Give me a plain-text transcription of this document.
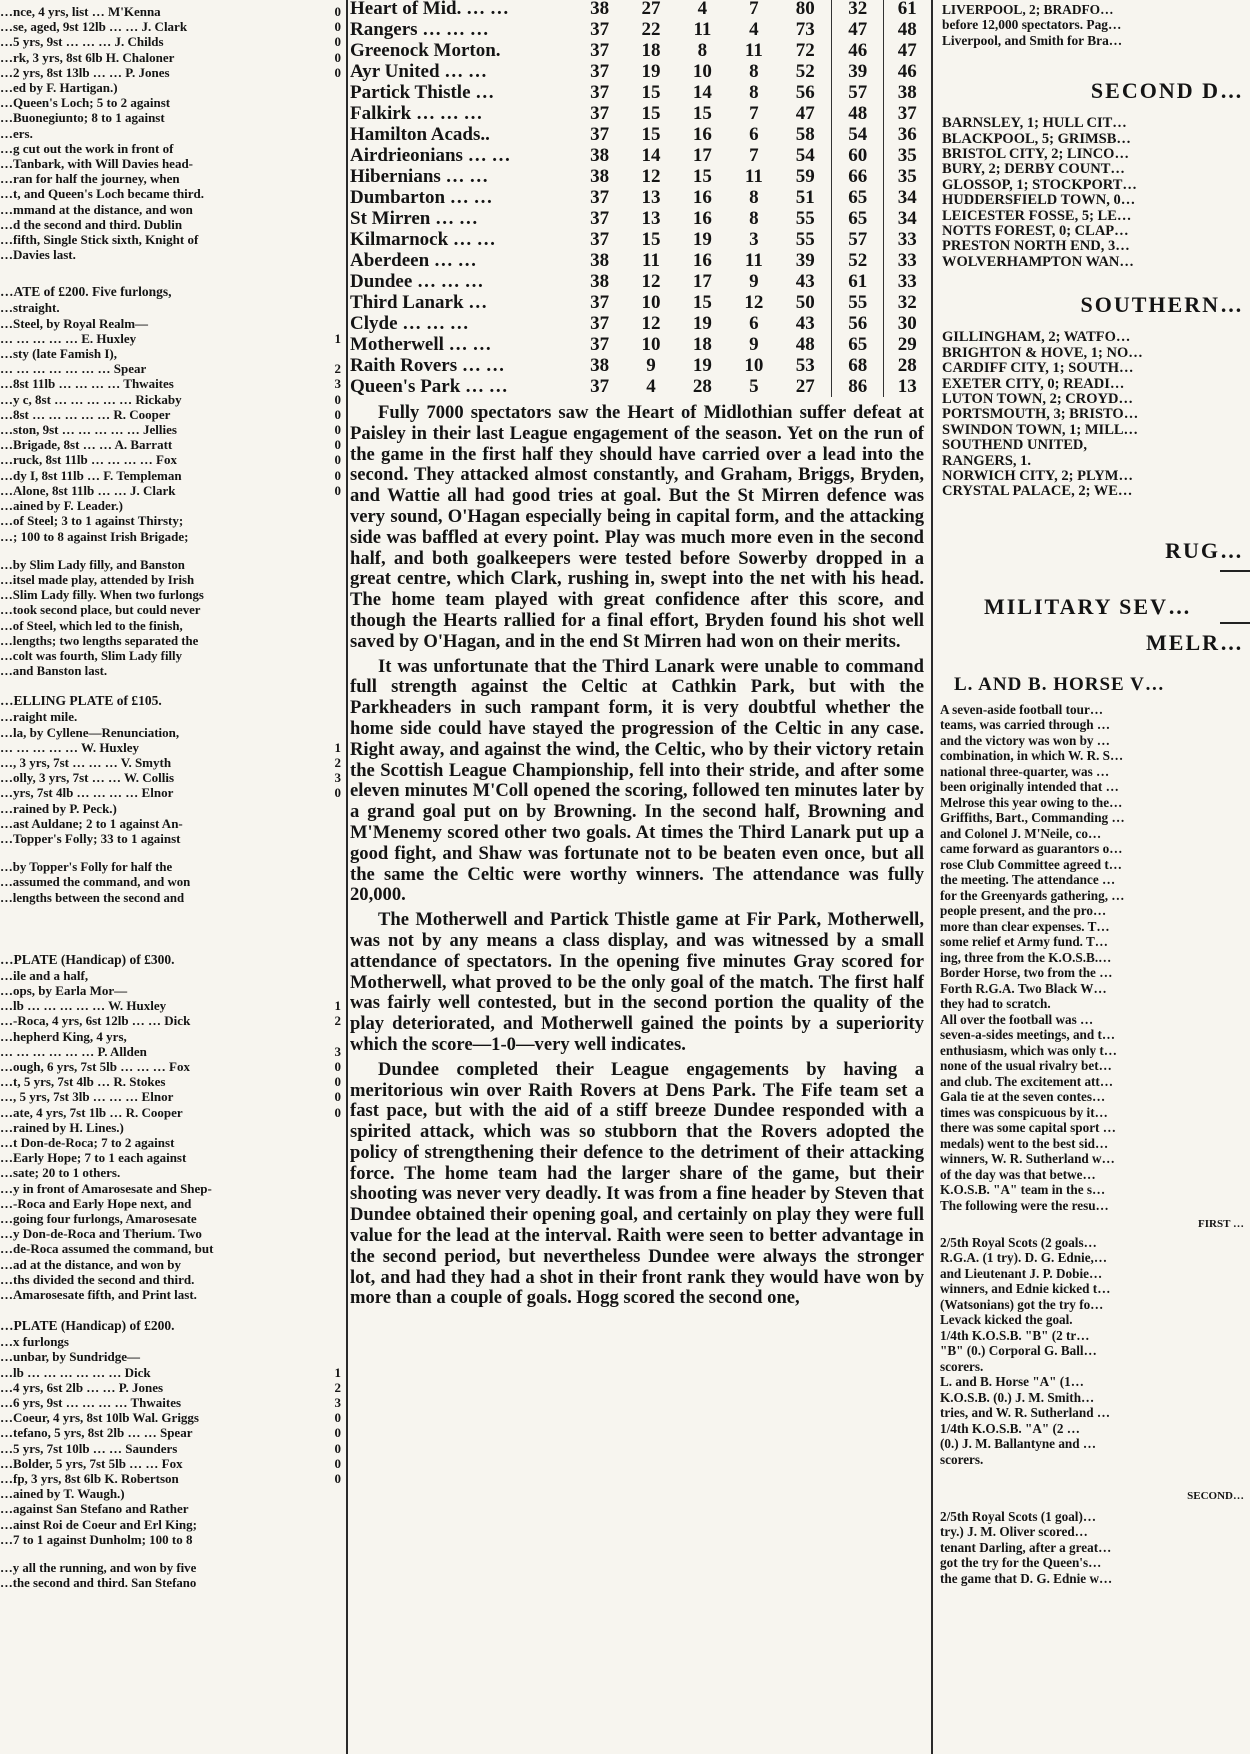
…nce, 4 yrs, list … M'Kenna	0
…se, aged, 9st 12lb … … J. Clark	0
…5 yrs, 9st … … … J. Childs	0
…rk, 3 yrs, 8st 6lb H. Chaloner	0
…2 yrs, 8st 13lb … … P. Jones	0
…ed by F. Hartigan.)
…Queen's Loch; 5 to 2 against
…Buonegiunto; 8 to 1 against
…ers.
…g cut out the work in front of
…Tanbark, with Will Davies head-
…ran for half the journey, when
…t, and Queen's Loch became third.
…mmand at the distance, and won
…d the second and third. Dublin
…fifth, Single Stick sixth, Knight of
…Davies last.
…ATE of £200. Five furlongs,
…straight.
…Steel, by Royal Realm—
… … … … … E. Huxley	1
…sty (late Famish I),
… … … … … … … Spear	2
…8st 11lb … … … … Thwaites	3
…y c, 8st … … … … … Rickaby	0
…8st … … … … … R. Cooper	0
…ston, 9st … … … … … Jellies	0
…Brigade, 8st … … A. Barratt	0
…ruck, 8st 11lb … … … … Fox	0
…dy I, 8st 11lb … F. Templeman	0
…Alone, 8st 11lb … … J. Clark	0
…ained by F. Leader.)
…of Steel; 3 to 1 against Thirsty;
…; 100 to 8 against Irish Brigade;
…by Slim Lady filly, and Banston
…itsel made play, attended by Irish
…Slim Lady filly. When two furlongs
…took second place, but could never
…of Steel, which led to the finish,
…lengths; two lengths separated the
…colt was fourth, Slim Lady filly
…and Banston last.
…ELLING PLATE of £105.
…raight mile.
…la, by Cyllene—Renunciation,
… … … … … W. Huxley	1
…, 3 yrs, 7st … … … V. Smyth	2
…olly, 3 yrs, 7st … … W. Collis	3
…yrs, 7st 4lb … … … … Elnor	0
…rained by P. Peck.)
…ast Auldane; 2 to 1 against An-
…Topper's Folly; 33 to 1 against
…by Topper's Folly for half the
…assumed the command, and won
…lengths between the second and
…PLATE (Handicap) of £300.
…ile and a half,
…ops, by Earla Mor—
…lb … … … … … W. Huxley	1
…-Roca, 4 yrs, 6st 12lb … … Dick	2
…hepherd King, 4 yrs,
… … … … … … P. Allden	3
…ough, 6 yrs, 7st 5lb … … … Fox	0
…t, 5 yrs, 7st 4lb … R. Stokes	0
…, 5 yrs, 7st 3lb … … … Elnor	0
…ate, 4 yrs, 7st 1lb … R. Cooper	0
…rained by H. Lines.)
…t Don-de-Roca; 7 to 2 against
…Early Hope; 7 to 1 each against
…sate; 20 to 1 others.
…y in front of Amarosesate and Shep-
…-Roca and Early Hope next, and
…going four furlongs, Amarosesate
…y Don-de-Roca and Therium. Two
…de-Roca assumed the command, but
…ad at the distance, and won by
…ths divided the second and third.
…Amarosesate fifth, and Print last.
…PLATE (Handicap) of £200.
…x furlongs
…unbar, by Sundridge—
…lb … … … … … … Dick	1
…4 yrs, 6st 2lb … … P. Jones	2
…6 yrs, 9st … … … … Thwaites	3
…Coeur, 4 yrs, 8st 10lb Wal. Griggs	0
…tefano, 5 yrs, 8st 2lb … … Spear	0
…5 yrs, 7st 10lb … … Saunders	0
…Bolder, 5 yrs, 7st 5lb … … Fox	0
…fp, 3 yrs, 8st 6lb K. Robertson	0
…ained by T. Waugh.)
…against San Stefano and Rather
…ainst Roi de Coeur and Erl King;
…7 to 1 against Dunholm; 100 to 8
…y all the running, and won by five
…the second and third. San Stefano
Heart of Mid. … …	38	27	4	7	80	32	61
Rangers … … …	37	22	11	4	73	47	48
Greenock Morton.	37	18	8	11	72	46	47
Ayr United … …	37	19	10	8	52	39	46
Partick Thistle …	37	15	14	8	56	57	38
Falkirk … … …	37	15	15	7	47	48	37
Hamilton Acads..	37	15	16	6	58	54	36
Airdrieonians … …	38	14	17	7	54	60	35
Hibernians … …	38	12	15	11	59	66	35
Dumbarton … …	37	13	16	8	51	65	34
St Mirren … …	37	13	16	8	55	65	34
Kilmarnock … …	37	15	19	3	55	57	33
Aberdeen … …	38	11	16	11	39	52	33
Dundee … … …	38	12	17	9	43	61	33
Third Lanark …	37	10	15	12	50	55	32
Clyde … … …	37	12	19	6	43	56	30
Motherwell … …	37	10	18	9	48	65	29
Raith Rovers … …	38	9	19	10	53	68	28
Queen's Park … …	37	4	28	5	27	86	13

Fully 7000 spectators saw the Heart of Midlothian suffer defeat at Paisley in their last League engagement of the season. Yet on the run of the game in the first half they should have carried over a lead into the second. They attacked almost constantly, and Graham, Briggs, Bryden, and Wattie all had good tries at goal. But the St Mirren defence was very sound, O'Hagan especially being in capital form, and the attacking side was baffled at every point. Play was much more even in the second half, and both goalkeepers were tested before Sowerby dropped in a great centre, which Clark, rushing in, swept into the net with his head. The home team played with great confidence after this score, and though the Hearts rallied for a final effort, Bryden found his shot well saved by O'Hagan, and in the end St Mirren had won on their merits.

It was unfortunate that the Third Lanark were unable to command full strength against the Celtic at Cathkin Park, but with the Parkheaders in such rampant form, it is very doubtful whether the home side could have stayed the progression of the Celtic in any case. Right away, and against the wind, the Celtic, who by their victory retain the Scottish League Championship, fell into their stride, and after some eleven minutes M'Coll opened the scoring, followed ten minutes later by a grand goal put on by Browning. In the second half, Browning and M'Menemy scored other two goals. At times the Third Lanark put up a good fight, and Shaw was fortunate not to be beaten even once, but all the same the Celtic were worthy winners. The attendance was fully 20,000.

The Motherwell and Partick Thistle game at Fir Park, Motherwell, was not by any means a class display, and was witnessed by a small attendance of spectators. In the opening five minutes Gray scored for Motherwell, what proved to be the only goal of the match. The first half was fairly well contested, but in the second portion the quality of the play deteriorated, and Motherwell gained the points by a superiority which the score—1-0—very well indicates.

Dundee completed their League engagements by having a meritorious win over Raith Rovers at Dens Park. The Fife team set a fast pace, but with the aid of a stiff breeze Dundee responded with a spirited attack, which was so stubborn that the Rovers adopted the policy of strengthening their defence to the detriment of their attacking force. The home team had the larger share of the game, but their shooting was never very deadly. It was from a fine header by Steven that Dundee obtained their opening goal, and certainly on play they were full value for the lead at the interval. Raith were seen to better advantage in the second period, but nevertheless Dundee were always the stronger lot, and had they had a shot in their front rank they would have won by more than a couple of goals. Hogg scored the second one,

LIVERPOOL, 2; BRADFO…
before 12,000 spectators. Pag…
Liverpool, and Smith for Bra…
SECOND D…
BARNSLEY, 1; HULL CIT…
BLACKPOOL, 5; GRIMSB…
BRISTOL CITY, 2; LINCO…
BURY, 2; DERBY COUNT…
GLOSSOP, 1; STOCKPORT…
HUDDERSFIELD TOWN, 0…
LEICESTER FOSSE, 5; LE…
NOTTS FOREST, 0; CLAP…
PRESTON NORTH END, 3…
WOLVERHAMPTON WAN…
SOUTHERN…
GILLINGHAM, 2; WATFO…
BRIGHTON & HOVE, 1; NO…
CARDIFF CITY, 1; SOUTH…
EXETER CITY, 0; READI…
LUTON TOWN, 2; CROYD…
PORTSMOUTH, 3; BRISTO…
SWINDON TOWN, 1; MILL…
SOUTHEND UNITED,
RANGERS, 1.
NORWICH CITY, 2; PLYM…
CRYSTAL PALACE, 2; WE…
RUG…
MILITARY SEV…
MELR…
L. AND B. HORSE V…
A seven-aside football tour…
teams, was carried through …
and the victory was won by …
combination, in which W. R. S…
national three-quarter, was …
been originally intended that …
Melrose this year owing to the…
Griffiths, Bart., Commanding …
and Colonel J. M'Neile, co…
came forward as guarantors o…
rose Club Committee agreed t…
the meeting. The attendance …
for the Greenyards gathering, …
people present, and the pro…
more than clear expenses. T…
some relief et Army fund. T…
ing, three from the K.O.S.B.…
Border Horse, two from the …
Forth R.G.A. Two Black W…
they had to scratch.
All over the football was …
seven-a-sides meetings, and t…
enthusiasm, which was only t…
none of the usual rivalry bet…
and club. The excitement att…
Gala tie at the seven contes…
times was conspicuous by it…
there was some capital sport …
medals) went to the best sid…
winners, W. R. Sutherland w…
of the day was that betwe…
K.O.S.B. "A" team in the s…
The following were the resu…
FIRST …
2/5th Royal Scots (2 goals…
R.G.A. (1 try). D. G. Ednie,…
and Lieutenant J. P. Dobie…
winners, and Ednie kicked t…
(Watsonians) got the try fo…
Levack kicked the goal.
1/4th K.O.S.B. "B" (2 tr…
"B" (0.) Corporal G. Ball…
scorers.
L. and B. Horse "A" (1…
K.O.S.B. (0.) J. M. Smith…
tries, and W. R. Sutherland …
1/4th K.O.S.B. "A" (2 …
(0.) J. M. Ballantyne and …
scorers.
SECOND…
2/5th Royal Scots (1 goal)…
try.) J. M. Oliver scored…
tenant Darling, after a great…
got the try for the Queen's…
the game that D. G. Ednie w…
